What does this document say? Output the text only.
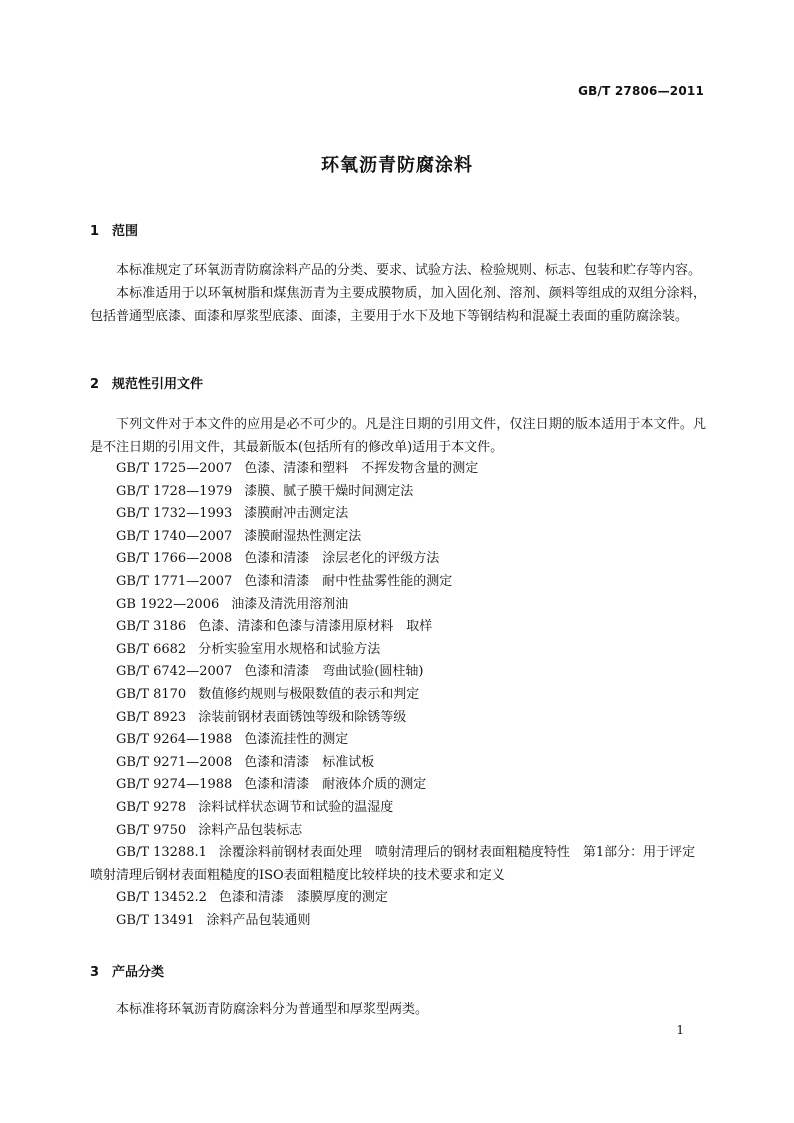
GB/T 27806—2011
环氧沥青防腐涂料
1 范围

本标准规定了环氧沥青防腐涂料产品的分类、要求、试验方法、检验规则、标志、包装和贮存等内容。

本标准适用于以环氧树脂和煤焦沥青为主要成膜物质，加入固化剂、溶剂、颜料等组成的双组分涂料，包括普通型底漆、面漆和厚浆型底漆、面漆，主要用于水下及地下等钢结构和混凝土表面的重防腐涂装。

2 规范性引用文件

下列文件对于本文件的应用是必不可少的。凡是注日期的引用文件，仅注日期的版本适用于本文件。凡是不注日期的引用文件，其最新版本(包括所有的修改单)适用于本文件。

GB/T 1725—2007 色漆、清漆和塑料　不挥发物含量的测定
GB/T 1728—1979 漆膜、腻子膜干燥时间测定法
GB/T 1732—1993 漆膜耐冲击测定法
GB/T 1740—2007 漆膜耐湿热性测定法
GB/T 1766—2008 色漆和清漆　涂层老化的评级方法
GB/T 1771—2007 色漆和清漆　耐中性盐雾性能的测定
GB 1922—2006 油漆及清洗用溶剂油
GB/T 3186 色漆、清漆和色漆与清漆用原材料　取样
GB/T 6682 分析实验室用水规格和试验方法
GB/T 6742—2007 色漆和清漆　弯曲试验(圆柱轴)
GB/T 8170 数值修约规则与极限数值的表示和判定
GB/T 8923 涂装前钢材表面锈蚀等级和除锈等级
GB/T 9264—1988 色漆流挂性的测定
GB/T 9271—2008 色漆和清漆　标准试板
GB/T 9274—1988 色漆和清漆　耐液体介质的测定
GB/T 9278 涂料试样状态调节和试验的温湿度
GB/T 9750 涂料产品包装标志
GB/T 13288.1 涂覆涂料前钢材表面处理　喷射清理后的钢材表面粗糙度特性　第1部分：用于评定喷射清理后钢材表面粗糙度的ISO表面粗糙度比较样块的技术要求和定义
GB/T 13452.2 色漆和清漆　漆膜厚度的测定
GB/T 13491 涂料产品包装通则
3 产品分类

本标准将环氧沥青防腐涂料分为普通型和厚浆型两类。

1
